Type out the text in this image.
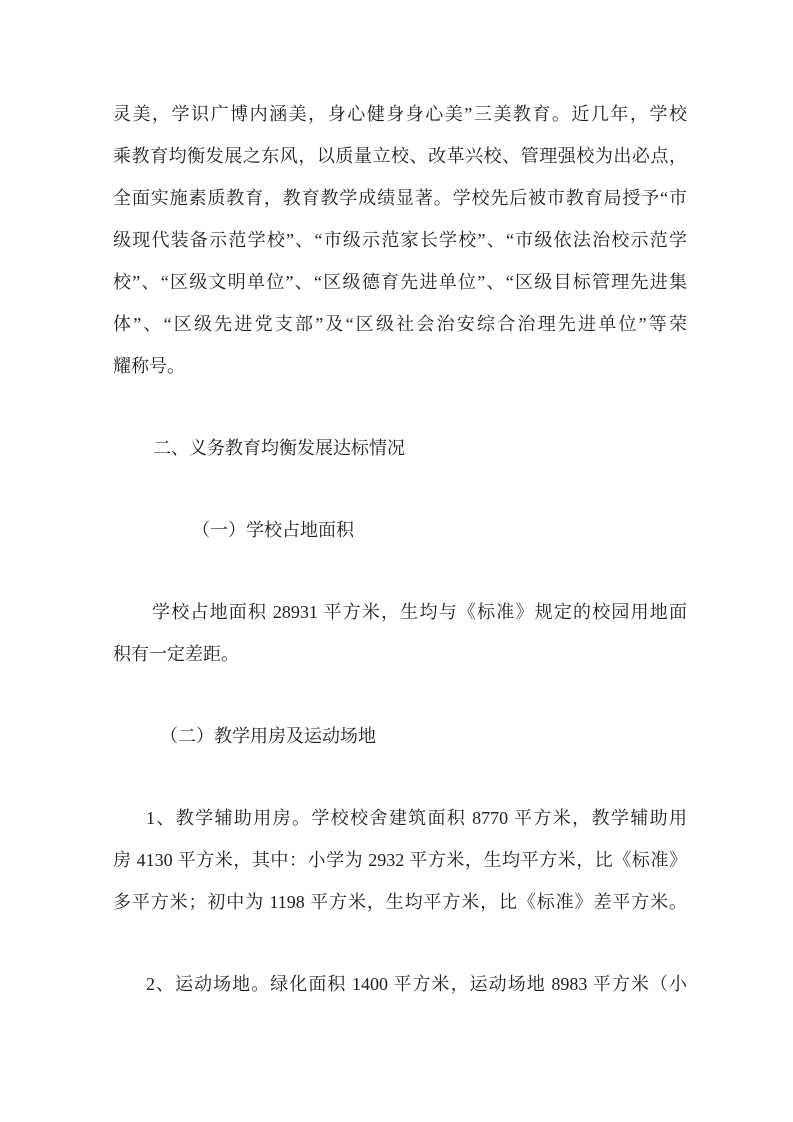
灵美，学识广博内涵美，身心健身身心美”三美教育。近几年，学校
乘教育均衡发展之东风，以质量立校、改革兴校、管理强校为出必点，
全面实施素质教育，教育教学成绩显著。学校先后被市教育局授予“市
级现代装备示范学校”、“市级示范家长学校”、“市级依法治校示范学
校”、“区级文明单位”、“区级德育先进单位”、“区级目标管理先进集
体”、“区级先进党支部”及“区级社会治安综合治理先进单位”等荣
耀称号。
二、义务教育均衡发展达标情况
（一）学校占地面积
学校占地面积 28931 平方米，生均与《标准》规定的校园用地面
积有一定差距。
（二）教学用房及运动场地
1、教学辅助用房。学校校舍建筑面积 8770 平方米，教学辅助用
房 4130 平方米，其中：小学为 2932 平方米，生均平方米，比《标准》
多平方米；初中为 1198 平方米，生均平方米，比《标准》差平方米。
2、运动场地。绿化面积 1400 平方米，运动场地 8983 平方米（小
